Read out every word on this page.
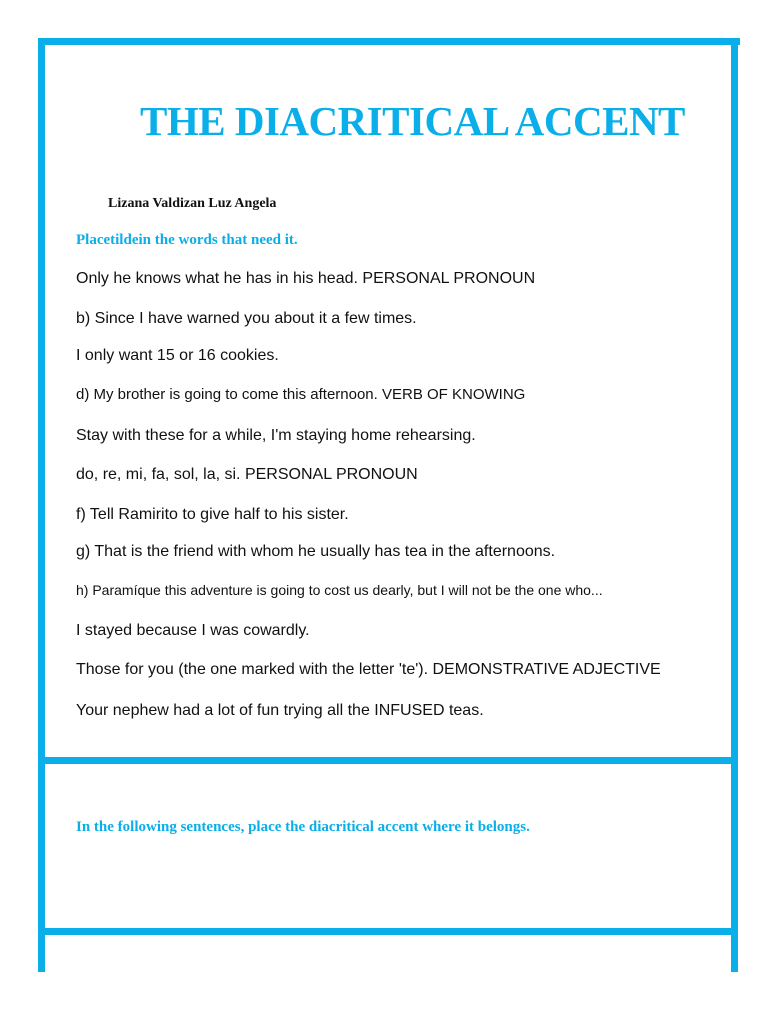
THE DIACRITICAL ACCENT
Lizana Valdizan Luz Angela
Placetildein the words that need it.
Only he knows what he has in his head. PERSONAL PRONOUN
b) Since I have warned you about it a few times.
I only want 15 or 16 cookies.
d) My brother is going to come this afternoon. VERB OF KNOWING
Stay with these for a while, I'm staying home rehearsing.
do, re, mi, fa, sol, la, si. PERSONAL PRONOUN
f) Tell Ramirito to give half to his sister.
g) That is the friend with whom he usually has tea in the afternoons.
h) Paramíque this adventure is going to cost us dearly, but I will not be the one who...
I stayed because I was cowardly.
Those for you (the one marked with the letter 'te'). DEMONSTRATIVE ADJECTIVE
Your nephew had a lot of fun trying all the INFUSED teas.
In the following sentences, place the diacritical accent where it belongs.
